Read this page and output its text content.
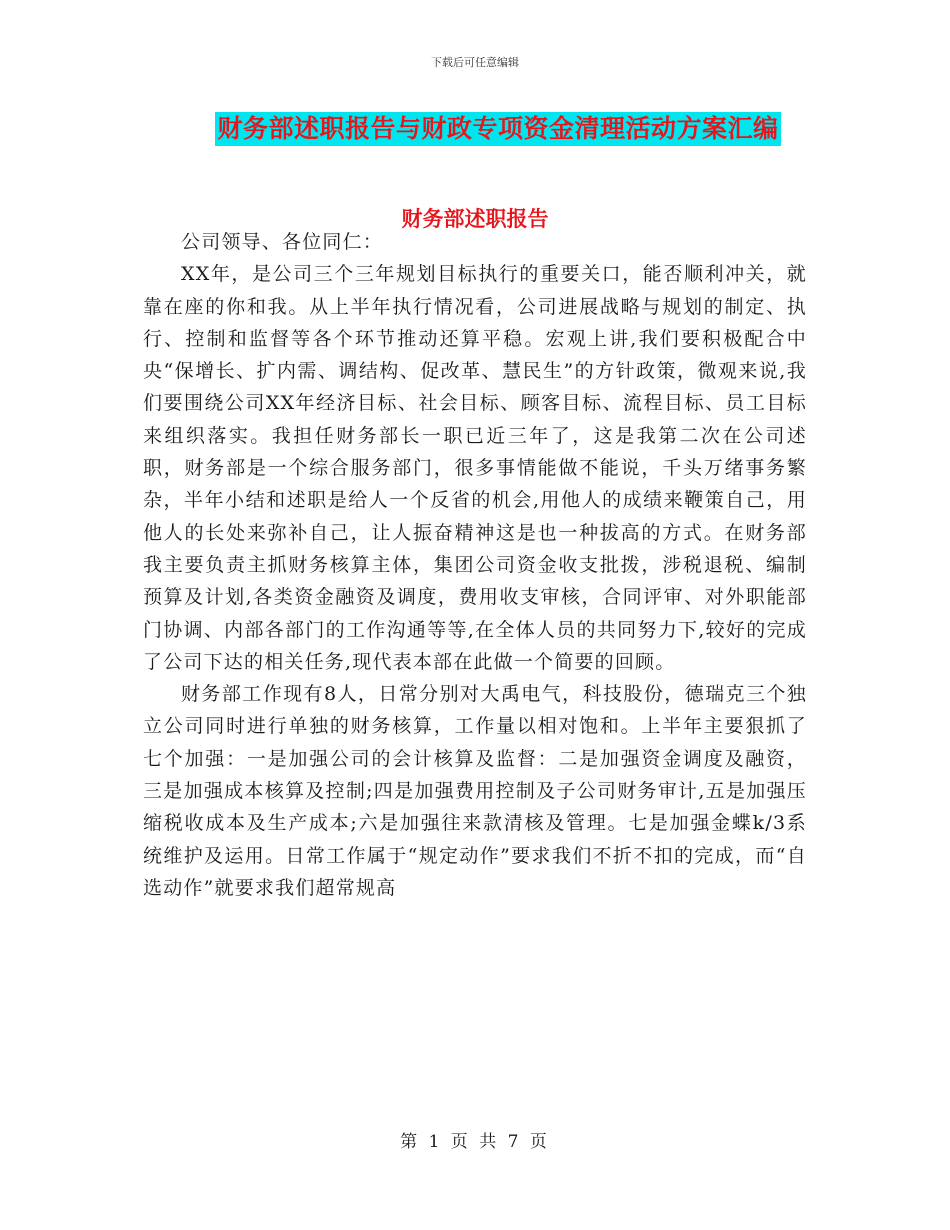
下载后可任意编辑
财务部述职报告与财政专项资金清理活动方案汇编
财务部述职报告

公司领导、各位同仁：

XX年，是公司三个三年规划目标执行的重要关口，能否顺利冲关，就靠在座的你和我。从上半年执行情况看，公司进展战略与规划的制定、执行、控制和监督等各个环节推动还算平稳。宏观上讲,我们要积极配合中央“保增长、扩内需、调结构、促改革、慧民生”的方针政策，微观来说,我们要围绕公司XX年经济目标、社会目标、顾客目标、流程目标、员工目标来组织落实。我担任财务部长一职已近三年了，这是我第二次在公司述职，财务部是一个综合服务部门，很多事情能做不能说，千头万绪事务繁杂，半年小结和述职是给人一个反省的机会,用他人的成绩来鞭策自己，用他人的长处来弥补自己，让人振奋精神这是也一种拔高的方式。在财务部我主要负责主抓财务核算主体，集团公司资金收支批拨，涉税退税、编制预算及计划,各类资金融资及调度，费用收支审核，合同评审、对外职能部门协调、内部各部门的工作沟通等等,在全体人员的共同努力下,较好的完成了公司下达的相关任务,现代表本部在此做一个简要的回顾。

财务部工作现有8人，日常分别对大禹电气，科技股份，德瑞克三个独立公司同时进行单独的财务核算，工作量以相对饱和。上半年主要狠抓了七个加强：一是加强公司的会计核算及监督：二是加强资金调度及融资，三是加强成本核算及控制;四是加强费用控制及子公司财务审计,五是加强压缩税收成本及生产成本;六是加强往来款清核及管理。七是加强金蝶k/3系统维护及运用。日常工作属于“规定动作”要求我们不折不扣的完成，而“自选动作”就要求我们超常规高

第 1 页 共 7 页
